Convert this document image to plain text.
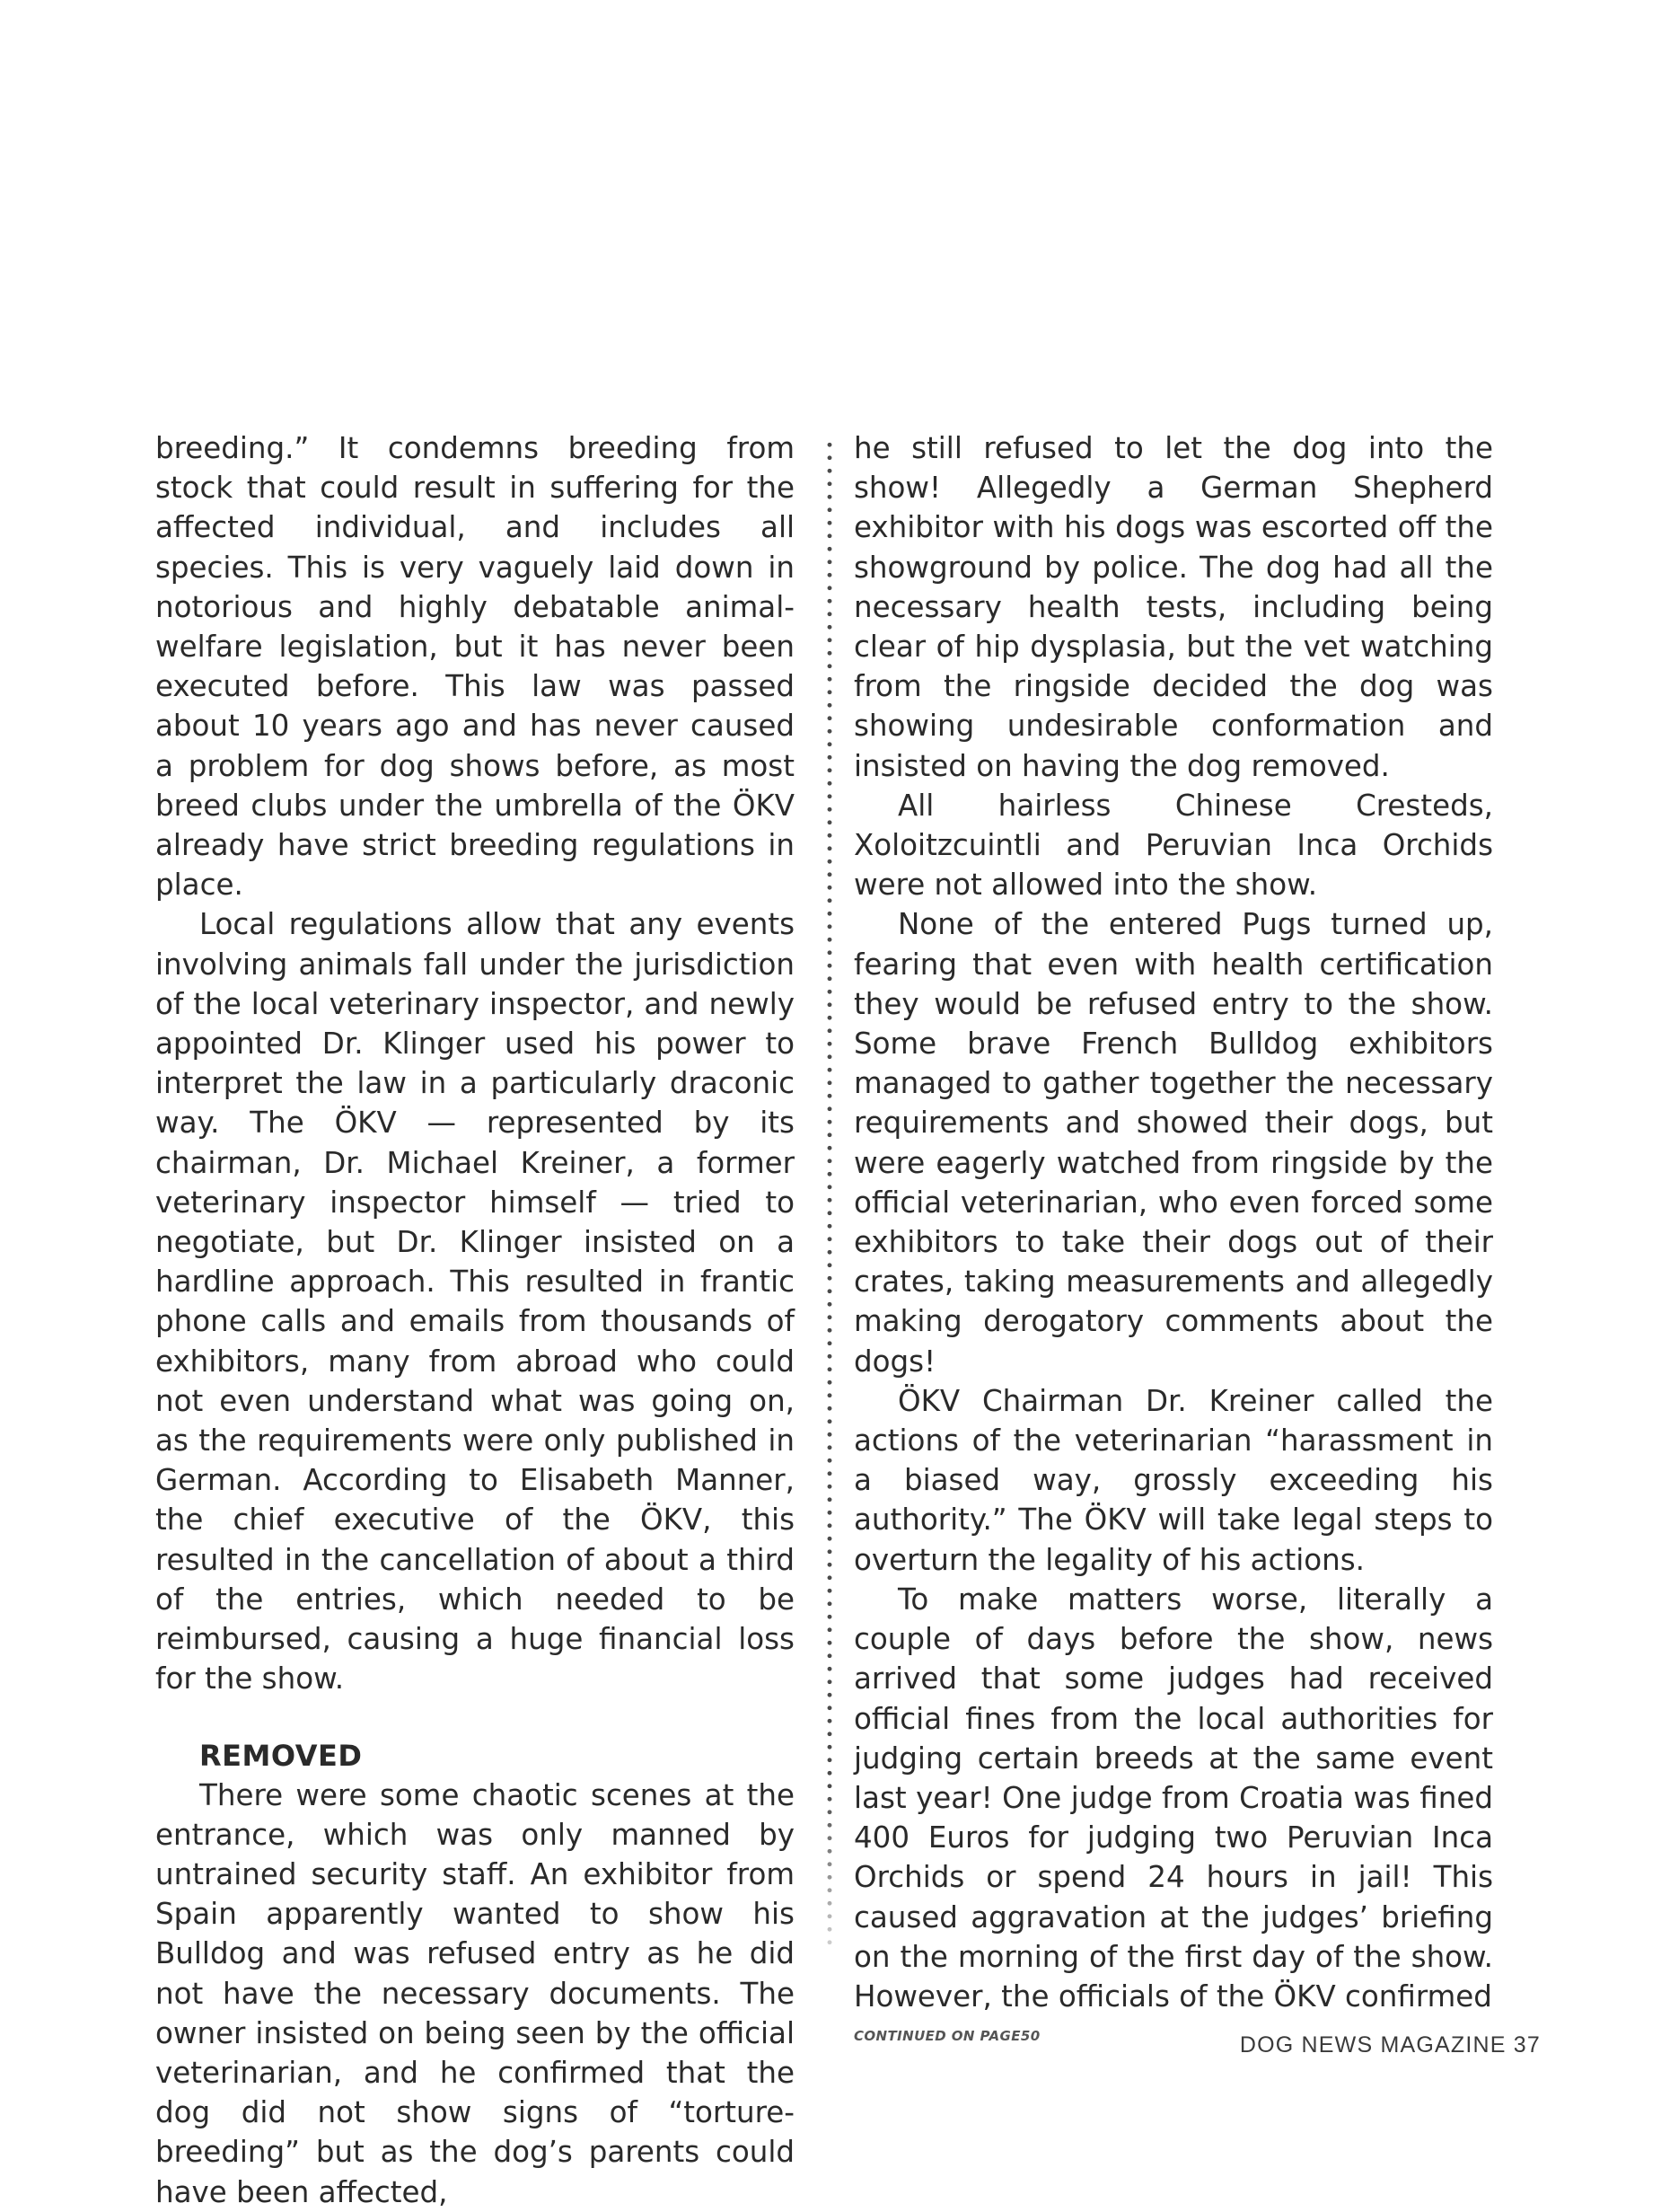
breeding.” It condemns breeding from stock that could result in suffering for the affected individual, and includes all species. This is very vaguely laid down in notorious and highly debatable animal-welfare legislation, but it has never been executed before. This law was passed about 10 years ago and has never caused a problem for dog shows before, as most breed clubs under the umbrella of the ÖKV already have strict breeding regulations in place.

Local regulations allow that any events involving animals fall under the jurisdiction of the local veterinary inspector, and newly appointed Dr. Klinger used his power to interpret the law in a particularly draconic way. The ÖKV — represented by its chairman, Dr. Michael Kreiner, a former veterinary inspector himself — tried to negotiate, but Dr. Klinger insisted on a hardline approach. This resulted in frantic phone calls and emails from thousands of exhibitors, many from abroad who could not even understand what was going on, as the requirements were only published in German. According to Elisabeth Manner, the chief executive of the ÖKV, this resulted in the cancellation of about a third of the entries, which needed to be reimbursed, causing a huge financial loss for the show.

REMOVED

There were some chaotic scenes at the entrance, which was only manned by untrained security staff. An exhibitor from Spain apparently wanted to show his Bulldog and was refused entry as he did not have the necessary documents. The owner insisted on being seen by the official veterinarian, and he confirmed that the dog did not show signs of “torture-breeding” but as the dog’s parents could have been affected,

he still refused to let the dog into the show! Allegedly a German Shepherd exhibitor with his dogs was escorted off the showground by police. The dog had all the necessary health tests, including being clear of hip dysplasia, but the vet watching from the ringside decided the dog was showing undesirable conformation and insisted on having the dog removed.

All hairless Chinese Cresteds, Xoloitzcuintli and Peruvian Inca Orchids were not allowed into the show.

None of the entered Pugs turned up, fearing that even with health certification they would be refused entry to the show. Some brave French Bulldog exhibitors managed to gather together the necessary requirements and showed their dogs, but were eagerly watched from ringside by the official veterinarian, who even forced some exhibitors to take their dogs out of their crates, taking measurements and allegedly making derogatory comments about the dogs!

ÖKV Chairman Dr. Kreiner called the actions of the veterinarian “harassment in a biased way, grossly exceeding his authority.” The ÖKV will take legal steps to overturn the legality of his actions.

To make matters worse, literally a couple of days before the show, news arrived that some judges had received official fines from the local authorities for judging certain breeds at the same event last year! One judge from Croatia was fined 400 Euros for judging two Peruvian Inca Orchids or spend 24 hours in jail! This caused aggravation at the judges’ briefing on the morning of the first day of the show. However, the officials of the ÖKV confirmed

CONTINUED ON PAGE50	DOG NEWS MAGAZINE 37
